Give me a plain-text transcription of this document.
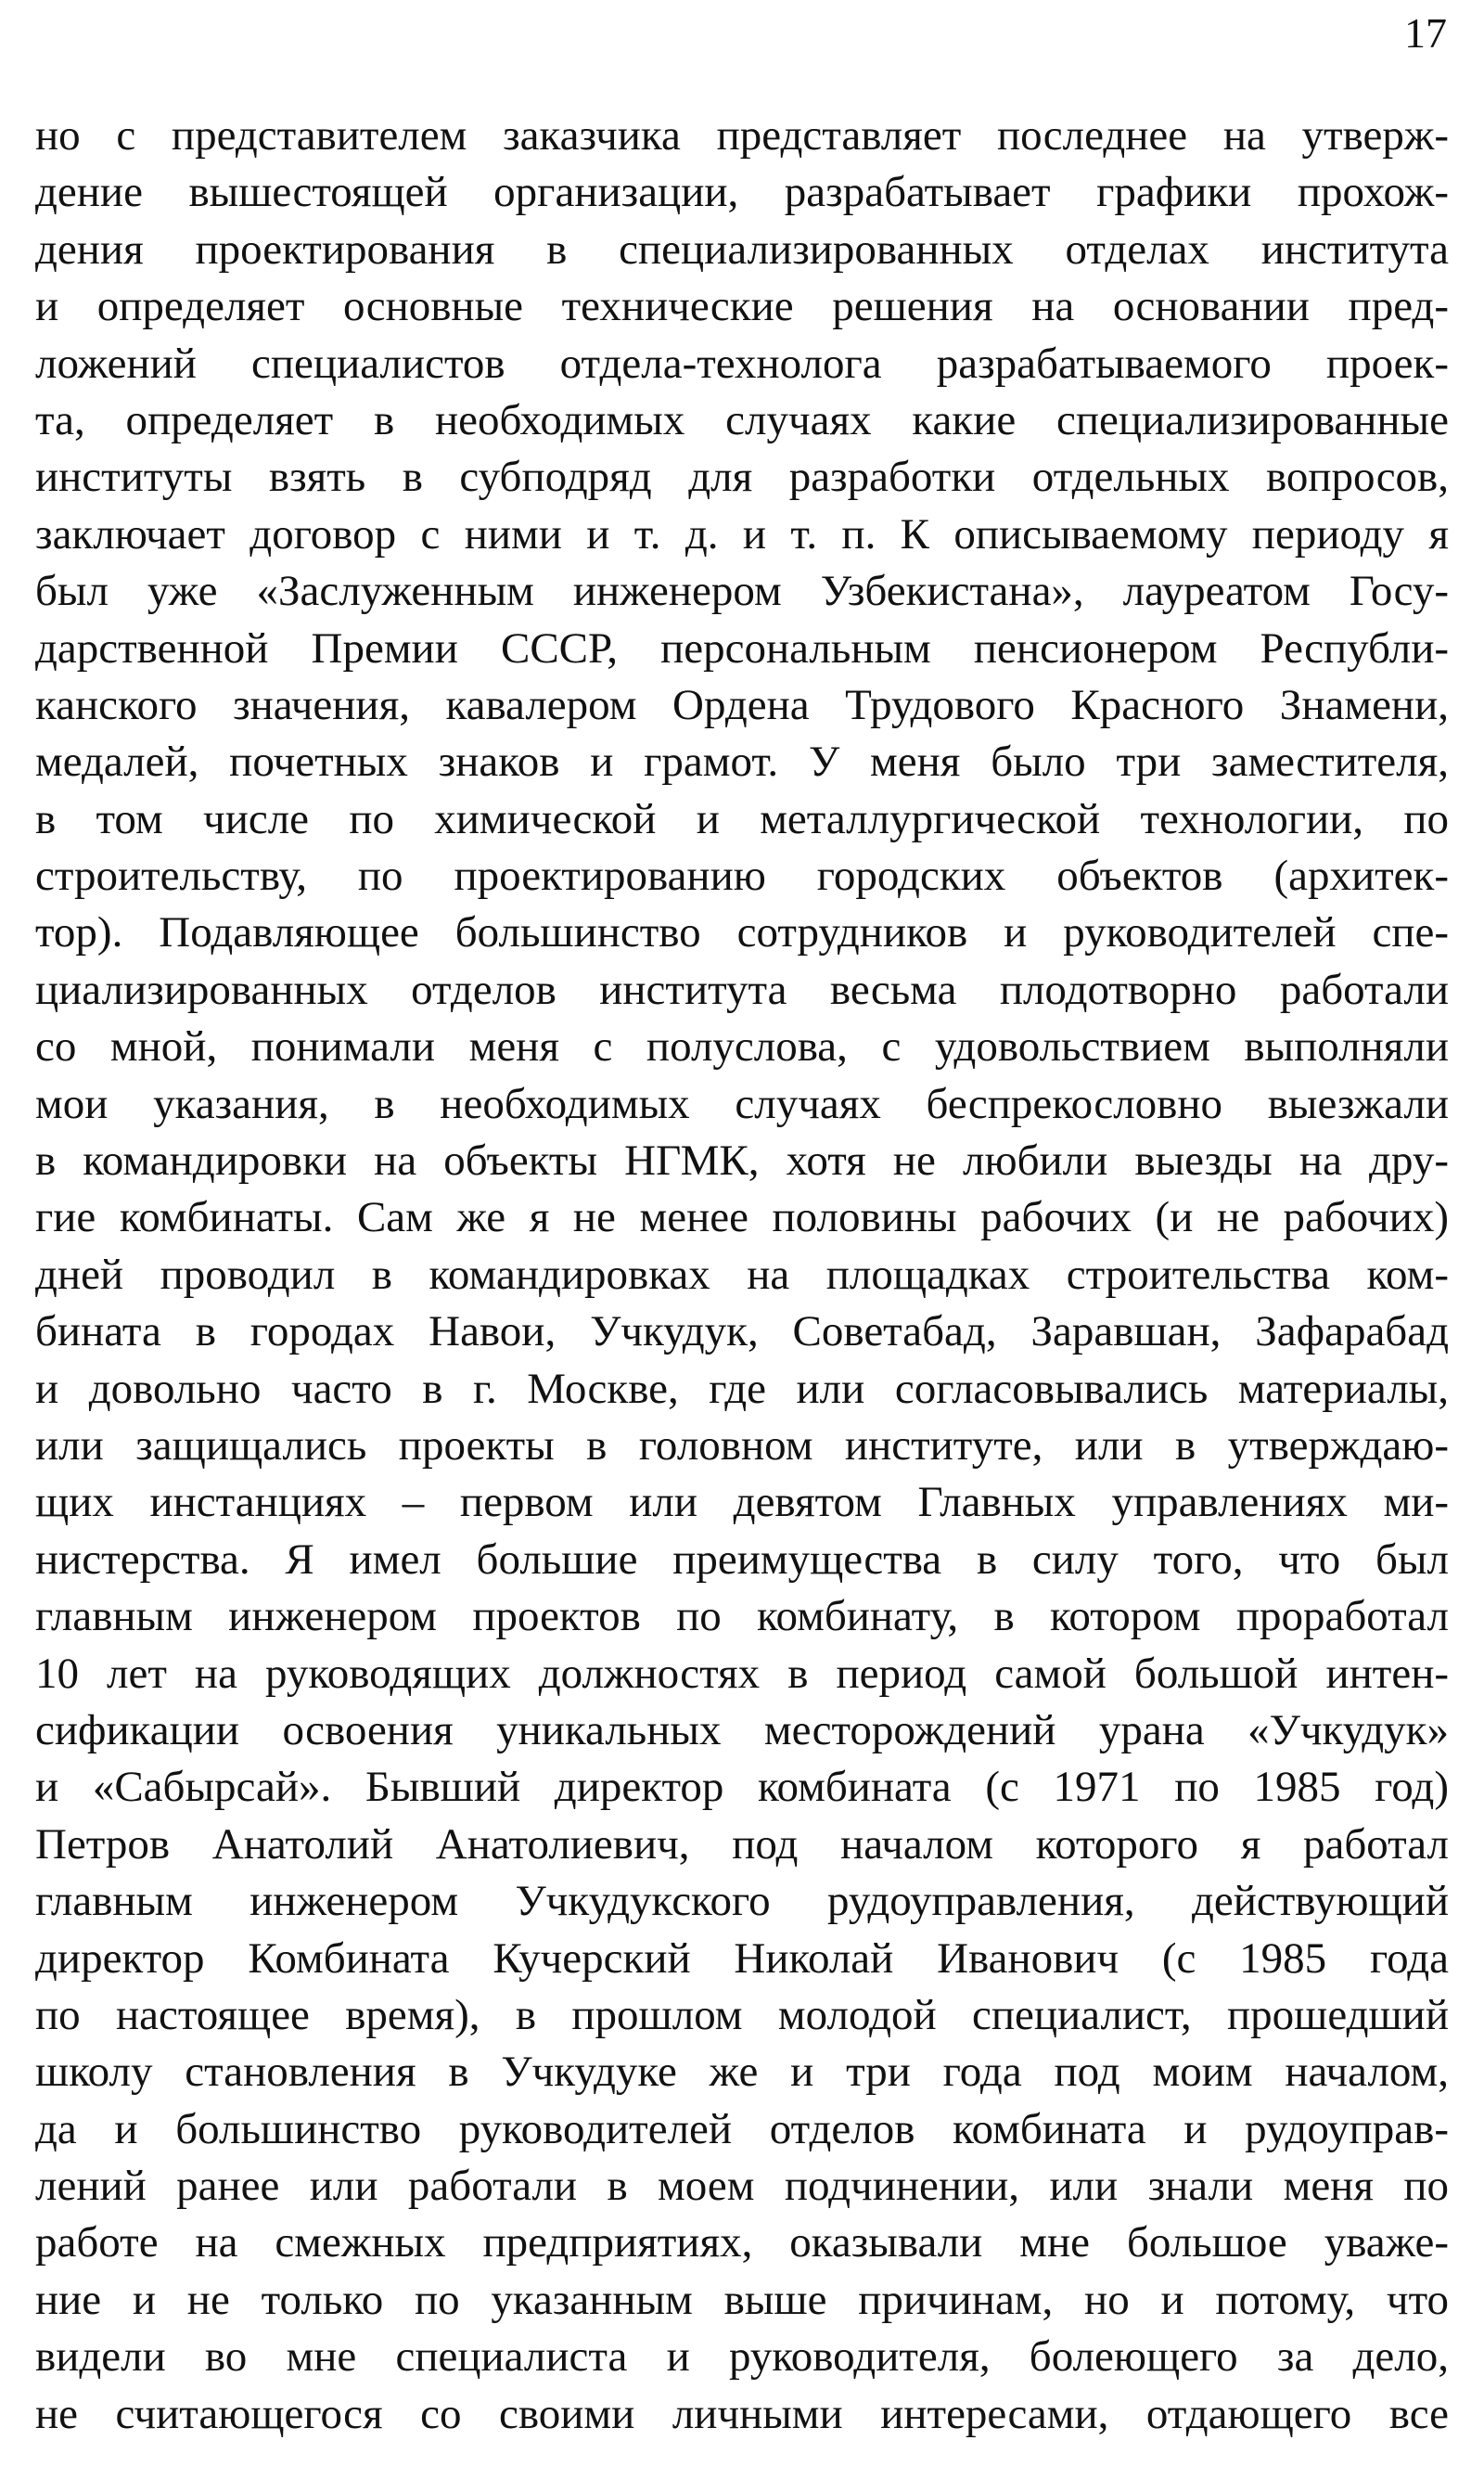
17
но с представителем заказчика представляет последнее на утверж-
дение вышестоящей организации, разрабатывает графики прохож-
дения проектирования в специализированных отделах института
и определяет основные технические решения на основании пред-
ложений специалистов отдела-технолога разрабатываемого проек-
та, определяет в необходимых случаях какие специализированные
институты взять в субподряд для разработки отдельных вопросов,
заключает договор с ними и т. д. и т. п. К описываемому периоду я
был уже «Заслуженным инженером Узбекистана», лауреатом Госу-
дарственной Премии СССР, персональным пенсионером Республи-
канского значения, кавалером Ордена Трудового Красного Знамени,
медалей, почетных знаков и грамот. У меня было три заместителя,
в том числе по химической и металлургической технологии, по
строительству, по проектированию городских объектов (архитек-
тор). Подавляющее большинство сотрудников и руководителей спе-
циализированных отделов института весьма плодотворно работали
со мной, понимали меня с полуслова, с удовольствием выполняли
мои указания, в необходимых случаях беспрекословно выезжали
в командировки на объекты НГМК, хотя не любили выезды на дру-
гие комбинаты. Сам же я не менее половины рабочих (и не рабочих)
дней проводил в командировках на площадках строительства ком-
бината в городах Навои, Учкудук, Советабад, Заравшан, Зафарабад
и довольно часто в г. Москве, где или согласовывались материалы,
или защищались проекты в головном институте, или в утверждаю-
щих инстанциях – первом или девятом Главных управлениях ми-
нистерства. Я имел большие преимущества в силу того, что был
главным инженером проектов по комбинату, в котором проработал
10 лет на руководящих должностях в период самой большой интен-
сификации освоения уникальных месторождений урана «Учкудук»
и «Сабырсай». Бывший директор комбината (с 1971 по 1985 год)
Петров Анатолий Анатолиевич, под началом которого я работал
главным инженером Учкудукского рудоуправления, действующий
директор Комбината Кучерский Николай Иванович (с 1985 года
по настоящее время), в прошлом молодой специалист, прошедший
школу становления в Учкудуке же и три года под моим началом,
да и большинство руководителей отделов комбината и рудоуправ-
лений ранее или работали в моем подчинении, или знали меня по
работе на смежных предприятиях, оказывали мне большое уваже-
ние и не только по указанным выше причинам, но и потому, что
видели во мне специалиста и руководителя, болеющего за дело,
не считающегося со своими личными интересами, отдающего все
